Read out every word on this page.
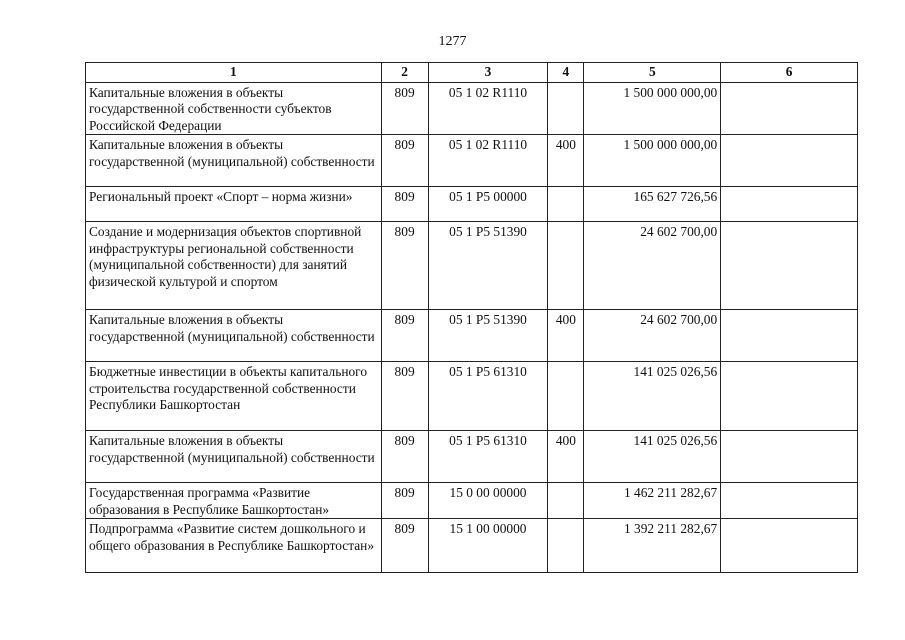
1277
1	2	3	4	5	6
Капитальные вложения в объекты государственной собственности субъектов Российской Федерации	809	05 1 02 R1110		1 500 000 000,00	
Капитальные вложения в объекты государственной (муниципальной) собственности	809	05 1 02 R1110	400	1 500 000 000,00	
Региональный проект «Спорт – норма жизни»	809	05 1 P5 00000		165 627 726,56	
Создание и модернизация объектов спортивной инфраструктуры региональной собственности (муниципальной собственности) для занятий физической культурой и спортом	809	05 1 P5 51390		24 602 700,00	
Капитальные вложения в объекты государственной (муниципальной) собственности	809	05 1 P5 51390	400	24 602 700,00	
Бюджетные инвестиции в объекты капитального строительства государственной собственности Республики Башкортостан	809	05 1 P5 61310		141 025 026,56	
Капитальные вложения в объекты государственной (муниципальной) собственности	809	05 1 P5 61310	400	141 025 026,56	
Государственная программа «Развитие образования в Республике Башкортостан»	809	15 0 00 00000		1 462 211 282,67	
Подпрограмма «Развитие систем дошкольного и общего образования в Республике Башкортостан»	809	15 1 00 00000		1 392 211 282,67	
